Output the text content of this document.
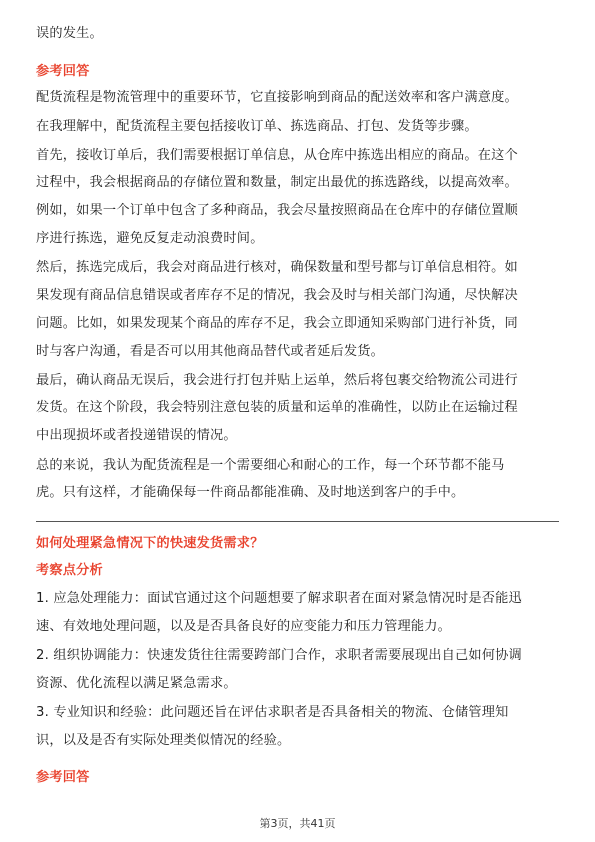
误的发生。
参考回答
配货流程是物流管理中的重要环节，它直接影响到商品的配送效率和客户满意度。
在我理解中，配货流程主要包括接收订单、拣选商品、打包、发货等步骤。
首先，接收订单后，我们需要根据订单信息，从仓库中拣选出相应的商品。在这个
过程中，我会根据商品的存储位置和数量，制定出最优的拣选路线，以提高效率。
例如，如果一个订单中包含了多种商品，我会尽量按照商品在仓库中的存储位置顺
序进行拣选，避免反复走动浪费时间。
然后，拣选完成后，我会对商品进行核对，确保数量和型号都与订单信息相符。如
果发现有商品信息错误或者库存不足的情况，我会及时与相关部门沟通，尽快解决
问题。比如，如果发现某个商品的库存不足，我会立即通知采购部门进行补货，同
时与客户沟通，看是否可以用其他商品替代或者延后发货。
最后，确认商品无误后，我会进行打包并贴上运单，然后将包裹交给物流公司进行
发货。在这个阶段，我会特别注意包装的质量和运单的准确性，以防止在运输过程
中出现损坏或者投递错误的情况。
总的来说，我认为配货流程是一个需要细心和耐心的工作，每一个环节都不能马
虎。只有这样，才能确保每一件商品都能准确、及时地送到客户的手中。
如何处理紧急情况下的快速发货需求？
考察点分析
1. 应急处理能力：面试官通过这个问题想要了解求职者在面对紧急情况时是否能迅
速、有效地处理问题，以及是否具备良好的应变能力和压力管理能力。
2. 组织协调能力：快速发货往往需要跨部门合作，求职者需要展现出自己如何协调
资源、优化流程以满足紧急需求。
3. 专业知识和经验：此问题还旨在评估求职者是否具备相关的物流、仓储管理知
识，以及是否有实际处理类似情况的经验。
参考回答
第3页，共41页
